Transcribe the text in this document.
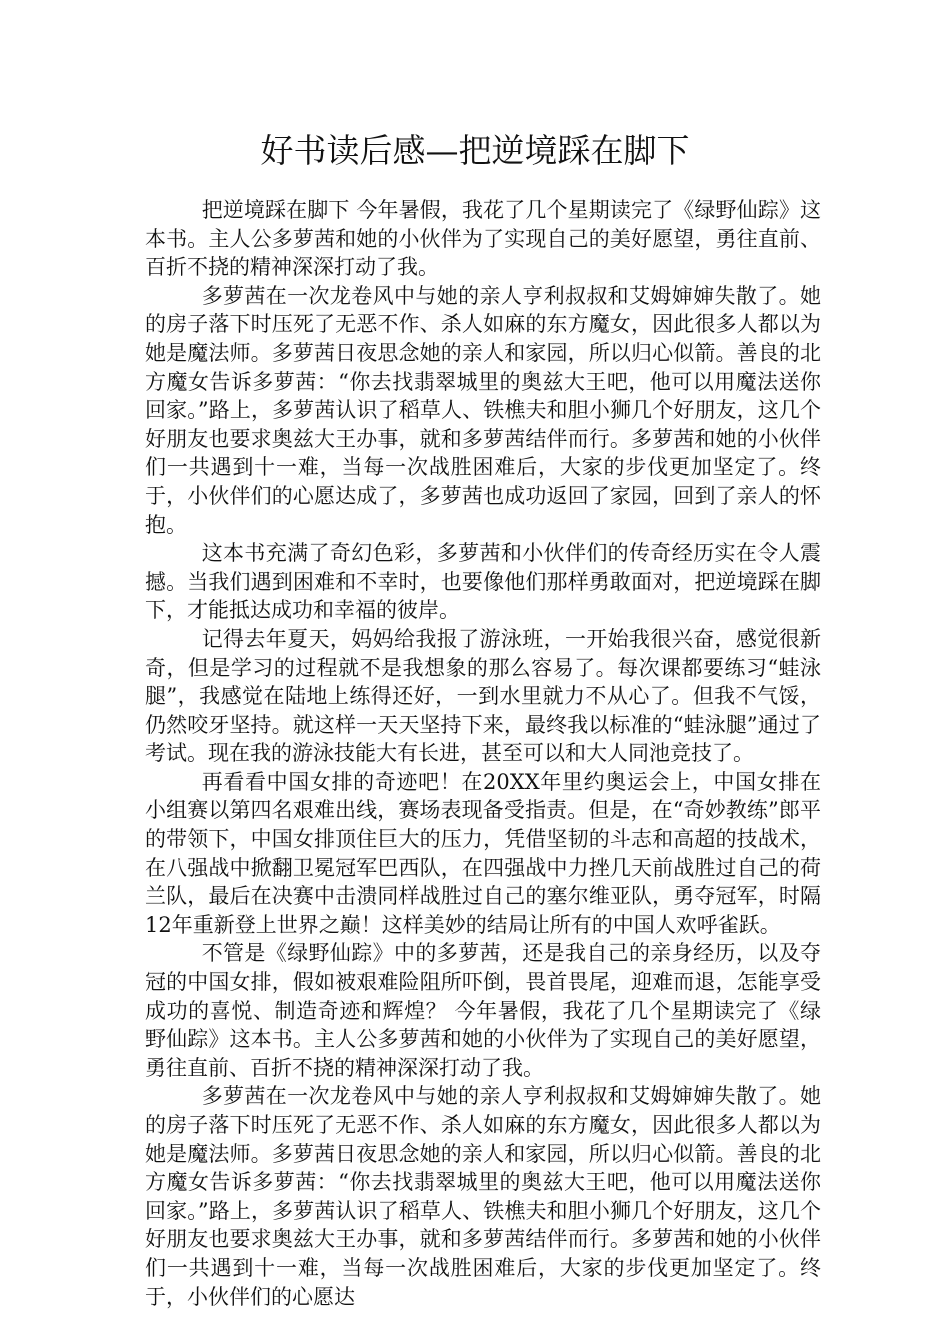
好书读后感—把逆境踩在脚下

把逆境踩在脚下 今年暑假，我花了几个星期读完了《绿野仙踪》这本书。主人公多萝茜和她的小伙伴为了实现自己的美好愿望，勇往直前、百折不挠的精神深深打动了我。

多萝茜在一次龙卷风中与她的亲人亨利叔叔和艾姆婶婶失散了。她的房子落下时压死了无恶不作、杀人如麻的东方魔女，因此很多人都以为她是魔法师。多萝茜日夜思念她的亲人和家园，所以归心似箭。善良的北方魔女告诉多萝茜：“你去找翡翠城里的奥兹大王吧，他可以用魔法送你回家。”路上，多萝茜认识了稻草人、铁樵夫和胆小狮几个好朋友，这几个好朋友也要求奥兹大王办事，就和多萝茜结伴而行。多萝茜和她的小伙伴们一共遇到十一难，当每一次战胜困难后，大家的步伐更加坚定了。终于，小伙伴们的心愿达成了，多萝茜也成功返回了家园，回到了亲人的怀抱。

这本书充满了奇幻色彩，多萝茜和小伙伴们的传奇经历实在令人震撼。当我们遇到困难和不幸时，也要像他们那样勇敢面对，把逆境踩在脚下，才能抵达成功和幸福的彼岸。

记得去年夏天，妈妈给我报了游泳班，一开始我很兴奋，感觉很新奇，但是学习的过程就不是我想象的那么容易了。每次课都要练习“蛙泳腿”，我感觉在陆地上练得还好，一到水里就力不从心了。但我不气馁，仍然咬牙坚持。就这样一天天坚持下来，最终我以标准的“蛙泳腿”通过了考试。现在我的游泳技能大有长进，甚至可以和大人同池竞技了。

再看看中国女排的奇迹吧！在20XX年里约奥运会上，中国女排在小组赛以第四名艰难出线，赛场表现备受指责。但是，在“奇妙教练”郎平的带领下，中国女排顶住巨大的压力，凭借坚韧的斗志和高超的技战术，在八强战中掀翻卫冕冠军巴西队，在四强战中力挫几天前战胜过自己的荷兰队，最后在决赛中击溃同样战胜过自己的塞尔维亚队，勇夺冠军，时隔12年重新登上世界之巅！这样美妙的结局让所有的中国人欢呼雀跃。

不管是《绿野仙踪》中的多萝茜，还是我自己的亲身经历，以及夺冠的中国女排，假如被艰难险阻所吓倒，畏首畏尾，迎难而退，怎能享受成功的喜悦、制造奇迹和辉煌？ 今年暑假，我花了几个星期读完了《绿野仙踪》这本书。主人公多萝茜和她的小伙伴为了实现自己的美好愿望，勇往直前、百折不挠的精神深深打动了我。

多萝茜在一次龙卷风中与她的亲人亨利叔叔和艾姆婶婶失散了。她的房子落下时压死了无恶不作、杀人如麻的东方魔女，因此很多人都以为她是魔法师。多萝茜日夜思念她的亲人和家园，所以归心似箭。善良的北方魔女告诉多萝茜：“你去找翡翠城里的奥兹大王吧，他可以用魔法送你回家。”路上，多萝茜认识了稻草人、铁樵夫和胆小狮几个好朋友，这几个好朋友也要求奥兹大王办事，就和多萝茜结伴而行。多萝茜和她的小伙伴们一共遇到十一难，当每一次战胜困难后，大家的步伐更加坚定了。终于，小伙伴们的心愿达
